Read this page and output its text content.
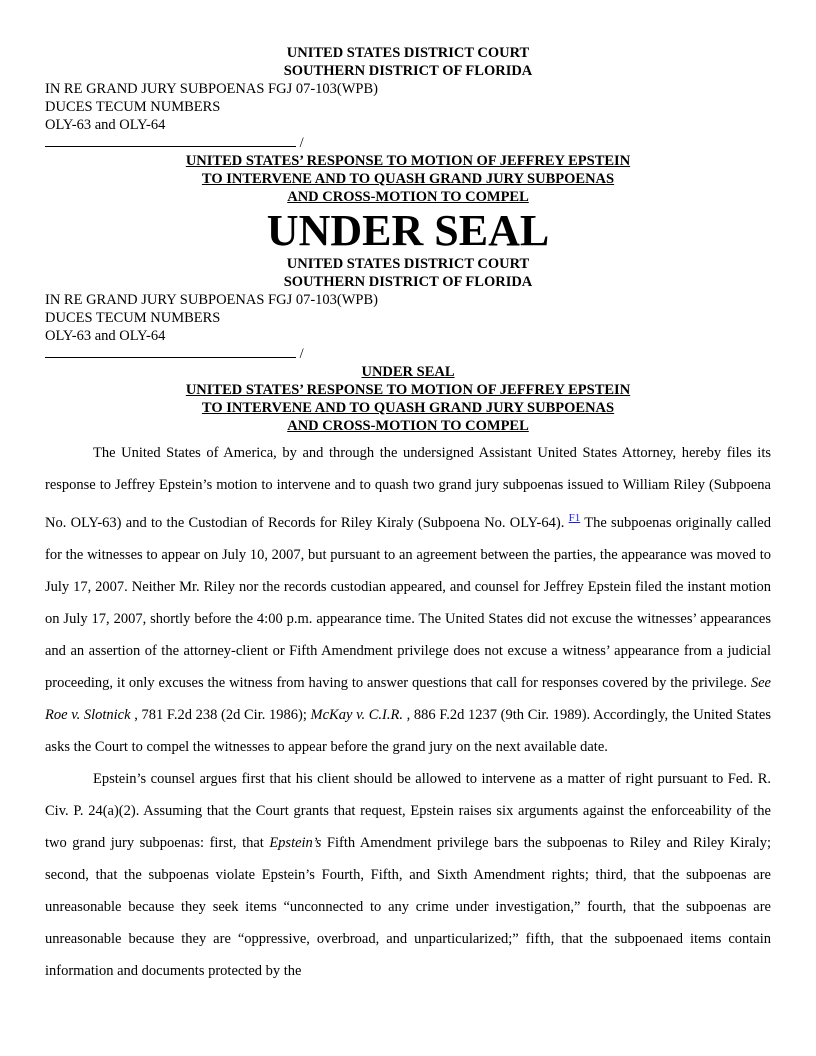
UNITED STATES DISTRICT COURT
SOUTHERN DISTRICT OF FLORIDA
IN RE GRAND JURY SUBPOENAS FGJ 07-103(WPB)
DUCES TECUM NUMBERS
OLY-63 and OLY-64
/
UNITED STATES’ RESPONSE TO MOTION OF JEFFREY EPSTEIN
TO INTERVENE AND TO QUASH GRAND JURY SUBPOENAS
AND CROSS-MOTION TO COMPEL
UNDER SEAL
UNITED STATES DISTRICT COURT
SOUTHERN DISTRICT OF FLORIDA
IN RE GRAND JURY SUBPOENAS FGJ 07-103(WPB)
DUCES TECUM NUMBERS
OLY-63 and OLY-64
/
UNDER SEAL
UNITED STATES’ RESPONSE TO MOTION OF JEFFREY EPSTEIN
TO INTERVENE AND TO QUASH GRAND JURY SUBPOENAS
AND CROSS-MOTION TO COMPEL

The United States of America, by and through the undersigned Assistant United States Attorney, hereby files its response to Jeffrey Epstein’s motion to intervene and to quash two grand jury subpoenas issued to William Riley (Subpoena No. OLY-63) and to the Custodian of Records for Riley Kiraly (Subpoena No. OLY-64). $^{F1}$ The subpoenas originally called for the witnesses to appear on July 10, 2007, but pursuant to an agreement between the parties, the appearance was moved to July 17, 2007. Neither Mr. Riley nor the records custodian appeared, and counsel for Jeffrey Epstein filed the instant motion on July 17, 2007, shortly before the 4:00 p.m. appearance time. The United States did not excuse the witnesses’ appearances and an assertion of the attorney-client or Fifth Amendment privilege does not excuse a witness’ appearance from a judicial proceeding, it only excuses the witness from having to answer questions that call for responses covered by the privilege. See Roe v. Slotnick , 781 F.2d 238 (2d Cir. 1986); McKay v. C.I.R. , 886 F.2d 1237 (9th Cir. 1989). Accordingly, the United States asks the Court to compel the witnesses to appear before the grand jury on the next available date.

Epstein’s counsel argues first that his client should be allowed to intervene as a matter of right pursuant to Fed. R. Civ. P. 24(a)(2). Assuming that the Court grants that request, Epstein raises six arguments against the enforceability of the two grand jury subpoenas: first, that Epstein’s Fifth Amendment privilege bars the subpoenas to Riley and Riley Kiraly; second, that the subpoenas violate Epstein’s Fourth, Fifth, and Sixth Amendment rights; third, that the subpoenas are unreasonable because they seek items “unconnected to any crime under investigation,” fourth, that the subpoenas are unreasonable because they are “oppressive, overbroad, and unparticularized;” fifth, that the subpoenaed items contain information and documents protected by the
